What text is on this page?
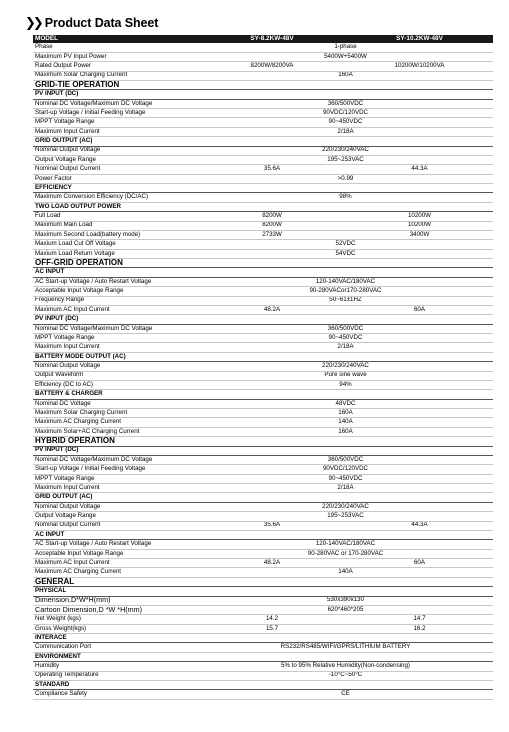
❯❯ Product Data Sheet
MODEL	SY-8.2KW-48V	SY-10.2KW-48V
Phase	1-phase	
Maximum PV Input Power	5400W+5400W	
Rated Output Power	8200W/8200VA	10200W/10200VA
Maximum Solar Charging Current	160A	
GRID-TIE OPERATION		
PV INPUT (DC)		
Nominal DC Voltage/Maximum DC Voltage	360/500VDC	
Start-up Voltage / Initial Feeding Voltage	90VDC/120VDC	
MPPT Voltage Range	90~450VDC	
Maximum Input Current	2/18A	
GRID OUTPUT (AC)		
Nominal Output Voltage	220/230/240VAC	
Output Voltage Range	195~253VAC	
Nominal Output Current	35.6A	44.3A
Power Factor	>0.99	
EFFICIENCY		
Maximum Conversion Efficiency (DC/AC)	98%	
TWO LOAD OUTPUT POWER		
Full Load	8200W	10200W
Maximum Main Load	8200W	10200W
Maximum Second Load(battery mode)	2733W	3400W
Maxium Load Cut Off Voltage	52VDC	
Maxium Load Return Voltage	54VDC	
OFF-GRID OPERATION		
AC INPUT		
AC Start-up Voltage / Auto Restart Voltage	120-140VAC/180VAC	
Acceptable Input Voltage Range	90-280VACor170-280VAC	
Frequency Range	50~61±1HZ	
Maximum AC Input Current	48.2A	60A
PV INPUT (DC)		
Nominal DC Voltage/Maximum DC Voltage	360/500VDC	
MPPT Voltage Range	90~450VDC	
Maximum Input Current	2/18A	
BATTERY MODE OUTPUT (AC)		
Nominal Output Voltage	220/230/240VAC	
Output Waveform	Pure sine wave	
Efficiency (DC to AC)	94%	
BATTERY & CHARGER		
Nominal DC Voltage	48VDC	
Maximum Solar Charging Current	160A	
Maximum AC Charging Current	140A	
Maximum Solar+AC Charging Current	160A	
HYBRID OPERATION		
PV INPUT (DC)		
Nominal DC Voltage/Maximum DC Voltage	360/500VDC	
Start-up Voltage / Initial Feeding Voltage	90VDC/120VDC	
MPPT Voltage Range	90~450VDC	
Maximum Input Current	2/18A	
GRID OUTPUT (AC)		
Nominal Output Voltage	220/230/240VAC	
Output Voltage Range	195~253VAC	
Nominal Output Current	35.6A	44.3A
AC INPUT		
AC Start-up Voltage / Auto Restart Voltage	120-140VAC/180VAC	
Acceptable Input Voltage Range	90-280VAC or 170-280VAC	
Maximum AC Input Current	48.2A	60A
Maximum AC Charging Current	140A	
GENERAL		
PHYSICAL		
Dimension,D*W*H(mm)	530x390x130	
Cartoon Dimension,D *W *H(mm)	620*460*205	
Net Weight (kgs)	14.2	14.7
Gross Weight(kgs)	15.7	16.2
INTERACE		
Communication Port	RS232/RS485/WIFI/GPRS/LITHIUM BATTERY	
ENVIRONMENT		
Humidity	5% to 95% Relative Humidity(Non-condensing)	
Operating Temperature	-10°C~50°C	
STANDARD		
Compliance Safety	CE	
